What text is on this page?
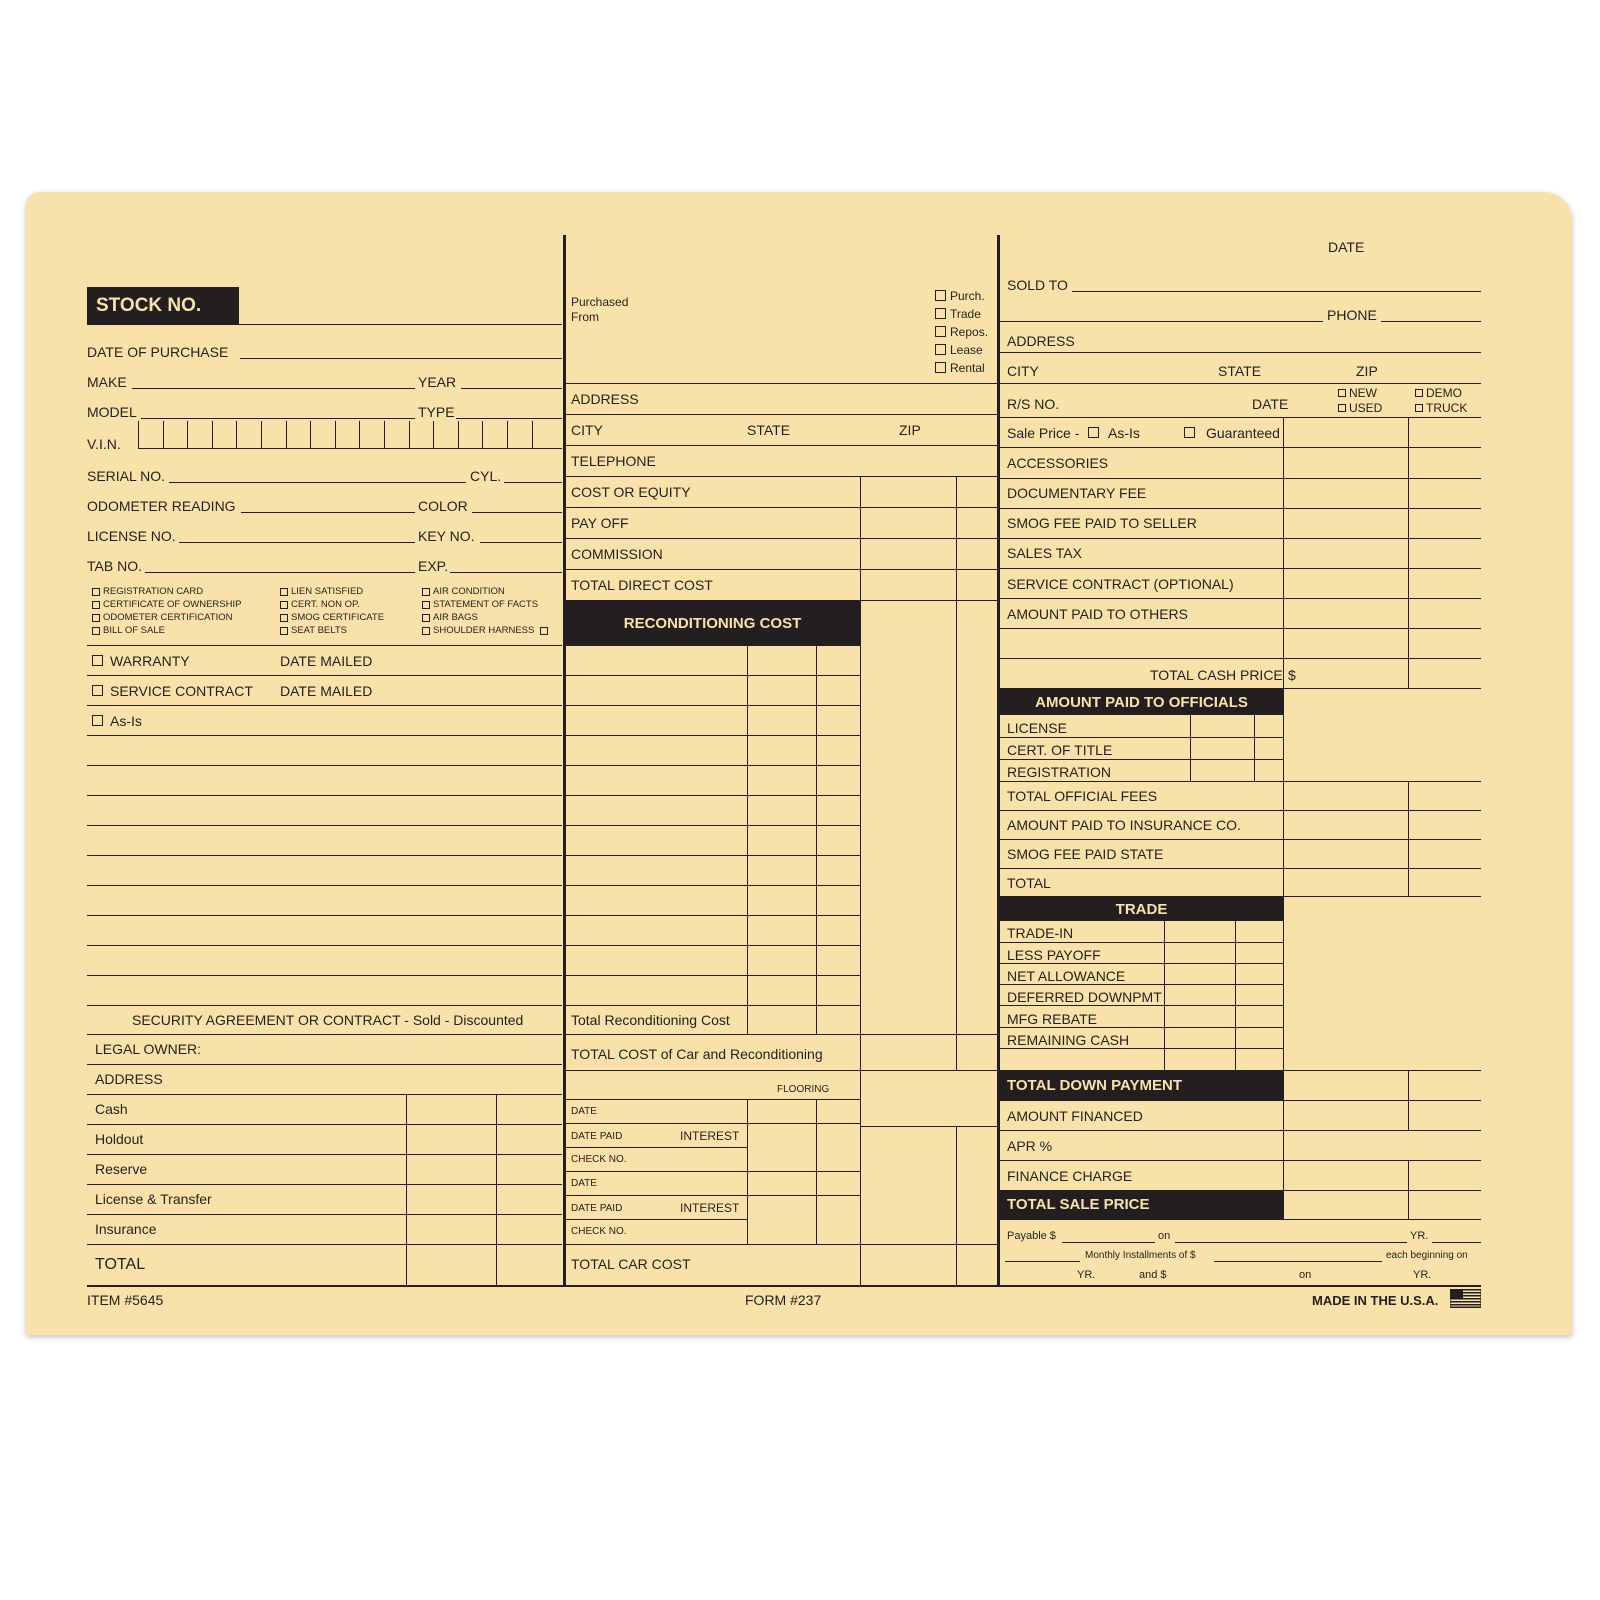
STOCK NO.
DATE OF PURCHASE
MAKE	YEAR
MODEL	TYPE
V.I.N.
SERIAL NO.	CYL.
ODOMETER READING	COLOR
LICENSE NO.	KEY NO.
TAB NO.	EXP.
REGISTRATION CARD
CERTIFICATE OF OWNERSHIP
ODOMETER CERTIFICATION
BILL OF SALE
LIEN SATISFIED
CERT. NON OP.
SMOG CERTIFICATE
SEAT BELTS
AIR CONDITION
STATEMENT OF FACTS
AIR BAGS
SHOULDER HARNESS
WARRANTY	DATE MAILED
SERVICE CONTRACT DATE MAILED
As-Is
SECURITY AGREEMENT OR CONTRACT - Sold - Discounted
LEGAL OWNER:
ADDRESS
Cash
Holdout
Reserve
License & Transfer
Insurance
TOTAL
ITEM #5645
Purchased
From
Purch.
Trade
Repos.
Lease
Rental
ADDRESS
CITY	STATE	ZIP
TELEPHONE
COST OR EQUITY
PAY OFF
COMMISSION
TOTAL DIRECT COST
RECONDITIONING COST
Total Reconditioning Cost
TOTAL COST of Car and Reconditioning
FLOORING
DATE
DATE PAID	INTEREST
CHECK NO.
DATE
DATE PAID	INTEREST
CHECK NO.
TOTAL CAR COST
FORM #237
DATE
SOLD TO
PHONE
ADDRESS
CITY	STATE	ZIP
R/S NO.	DATE
NEW
USED
DEMO
TRUCK
Sale Price - As-Is	Guaranteed
ACCESSORIES
DOCUMENTARY FEE
SMOG FEE PAID TO SELLER
SALES TAX
SERVICE CONTRACT (OPTIONAL)
AMOUNT PAID TO OTHERS
TOTAL CASH PRICE $
AMOUNT PAID TO OFFICIALS
LICENSE
CERT. OF TITLE
REGISTRATION
TOTAL OFFICIAL FEES
AMOUNT PAID TO INSURANCE CO.
SMOG FEE PAID STATE
TOTAL
TRADE
TRADE-IN
LESS PAYOFF
NET ALLOWANCE
DEFERRED DOWNPMT
MFG REBATE
REMAINING CASH
TOTAL DOWN PAYMENT
AMOUNT FINANCED
APR %
FINANCE CHARGE
TOTAL SALE PRICE
Payable $	on	YR.
Monthly Installments of $	each beginning on
YR.	and $	on	YR.
MADE IN THE U.S.A.
